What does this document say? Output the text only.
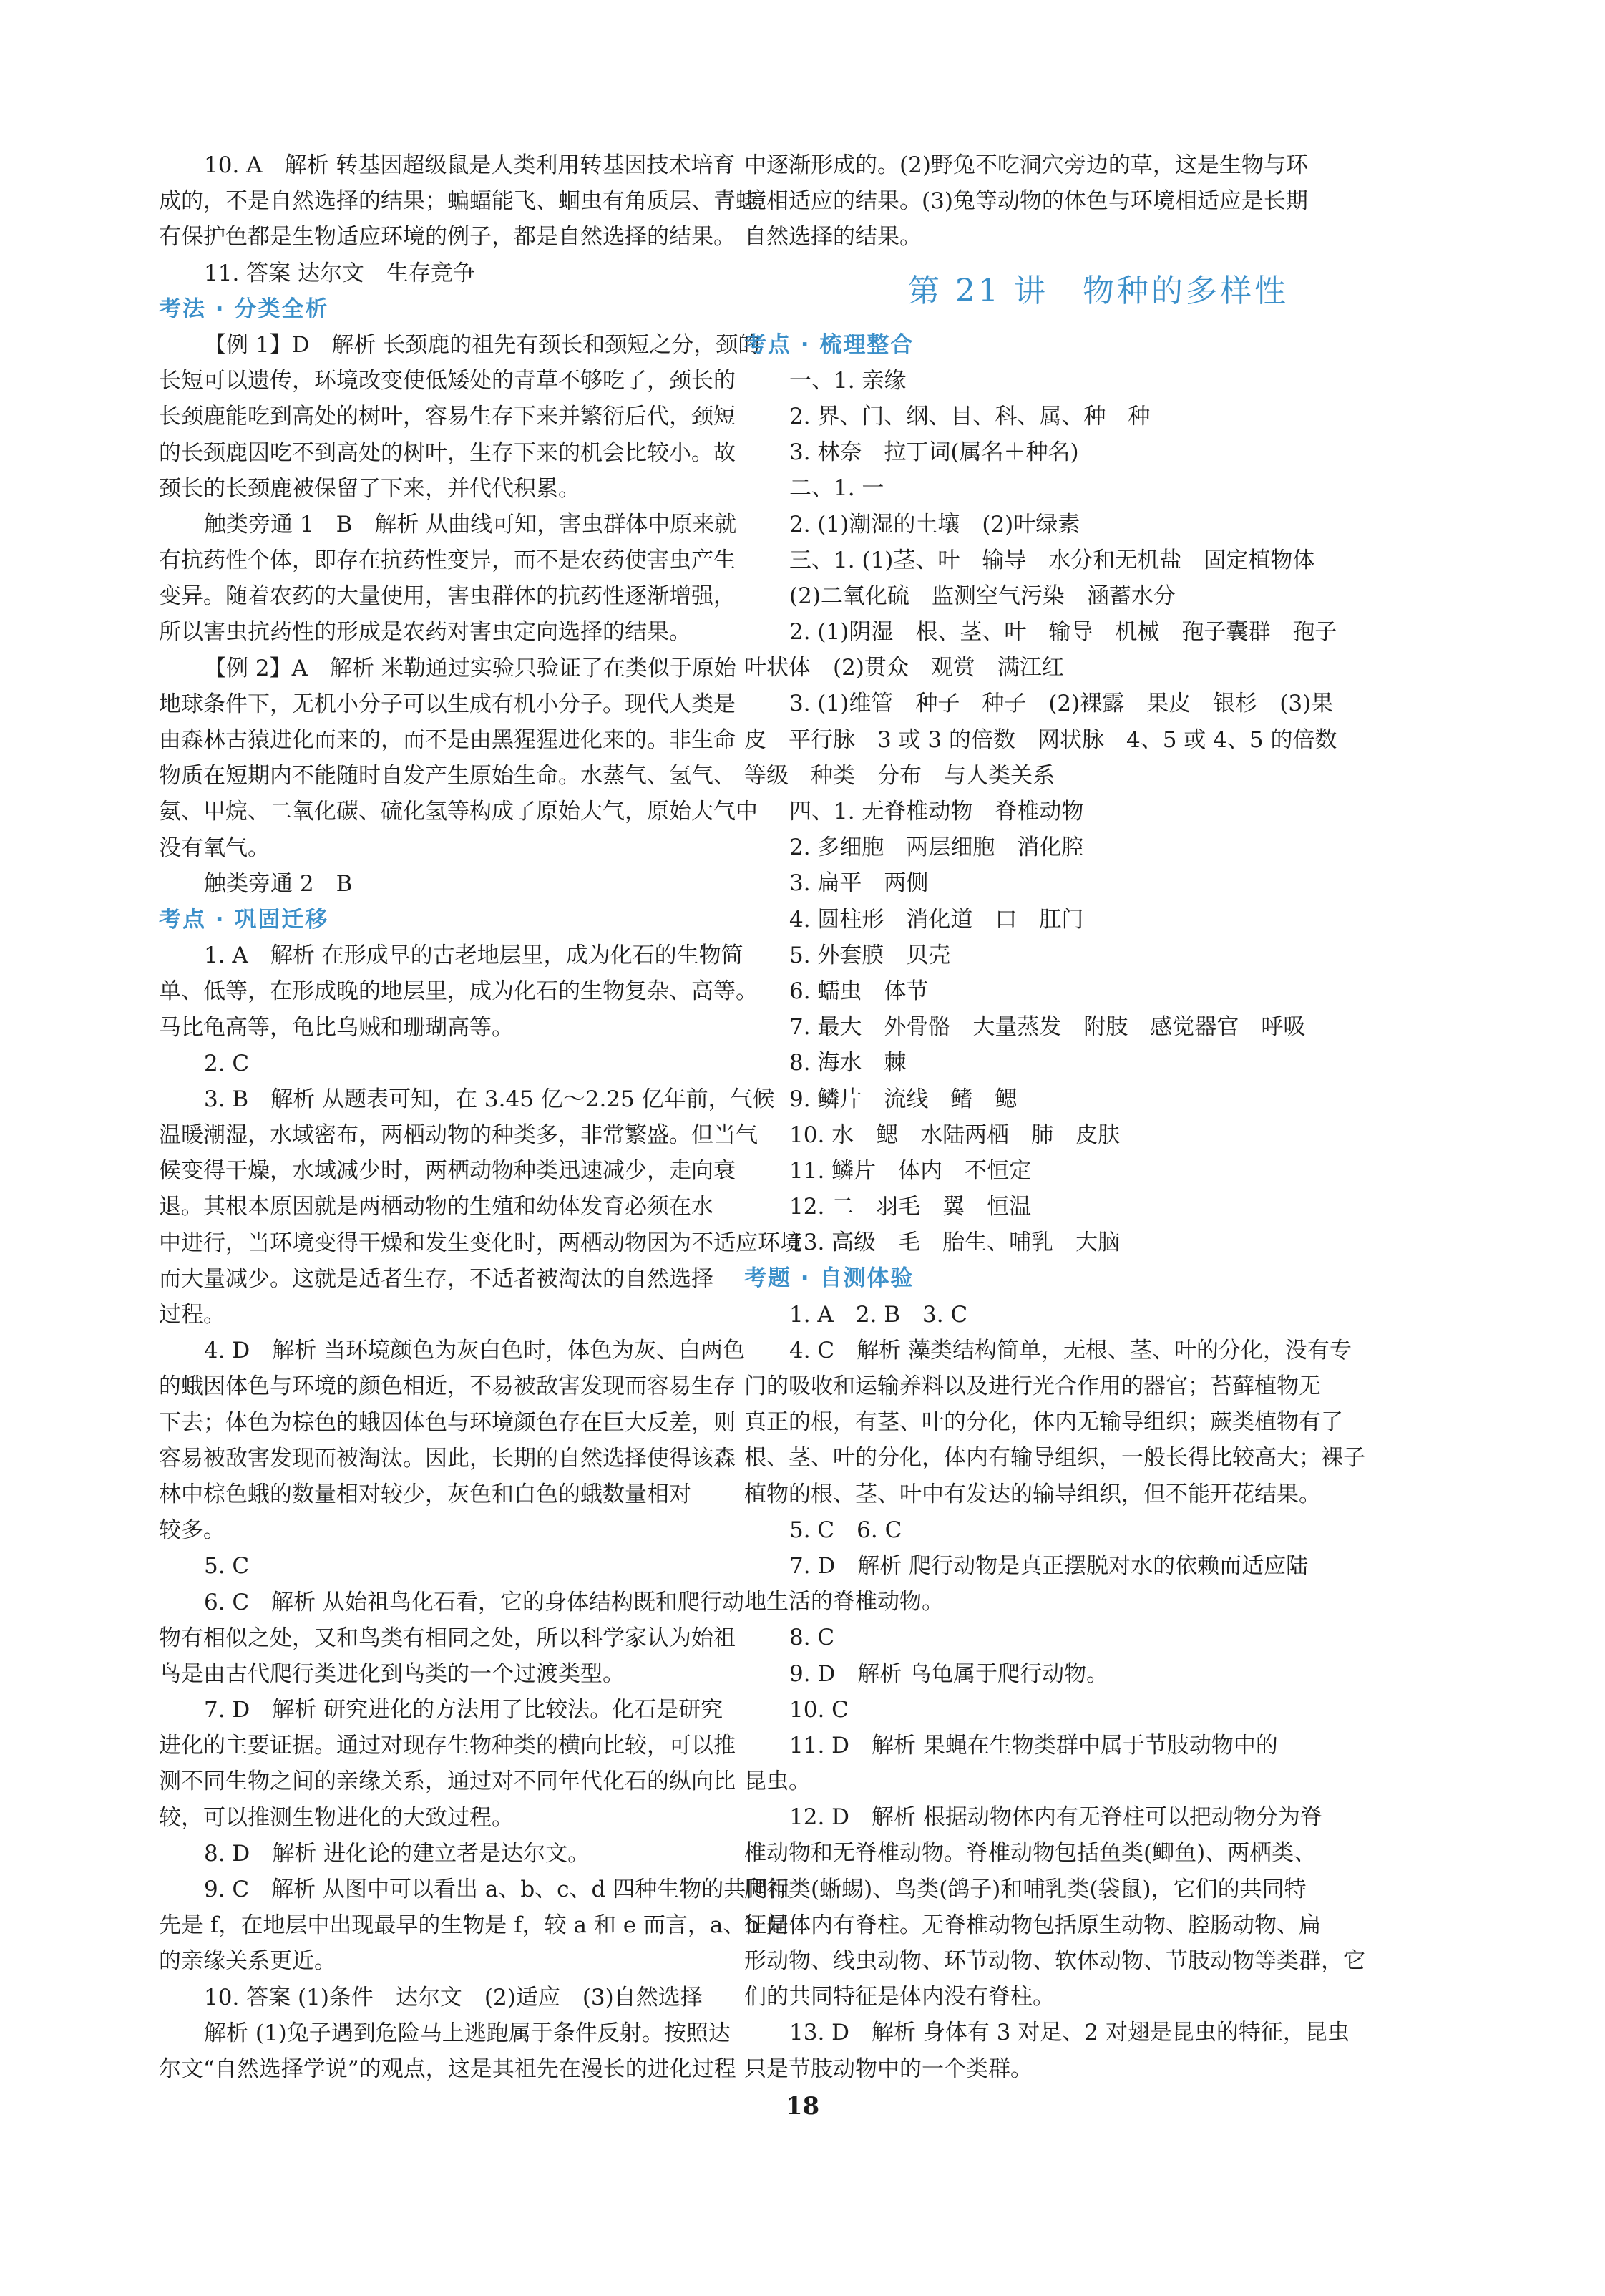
10. A　解析 转基因超级鼠是人类利用转基因技术培育
成的，不是自然选择的结果；蝙蝠能飞、蛔虫有角质层、青蛙
有保护色都是生物适应环境的例子，都是自然选择的结果。
11. 答案 达尔文　生存竞争
考法 · 分类全析
【例 1】D　解析 长颈鹿的祖先有颈长和颈短之分，颈的
长短可以遗传，环境改变使低矮处的青草不够吃了，颈长的
长颈鹿能吃到高处的树叶，容易生存下来并繁衍后代，颈短
的长颈鹿因吃不到高处的树叶，生存下来的机会比较小。故
颈长的长颈鹿被保留了下来，并代代积累。
触类旁通 1　B　解析 从曲线可知，害虫群体中原来就
有抗药性个体，即存在抗药性变异，而不是农药使害虫产生
变异。随着农药的大量使用，害虫群体的抗药性逐渐增强，
所以害虫抗药性的形成是农药对害虫定向选择的结果。
【例 2】A　解析 米勒通过实验只验证了在类似于原始
地球条件下，无机小分子可以生成有机小分子。现代人类是
由森林古猿进化而来的，而不是由黑猩猩进化来的。非生命
物质在短期内不能随时自发产生原始生命。水蒸气、氢气、
氨、甲烷、二氧化碳、硫化氢等构成了原始大气，原始大气中
没有氧气。
触类旁通 2　B
考点 · 巩固迁移
1. A　解析 在形成早的古老地层里，成为化石的生物简
单、低等，在形成晚的地层里，成为化石的生物复杂、高等。
马比龟高等，龟比乌贼和珊瑚高等。
2. C
3. B　解析 从题表可知，在 3.45 亿～2.25 亿年前，气候
温暖潮湿，水域密布，两栖动物的种类多，非常繁盛。但当气
候变得干燥，水域减少时，两栖动物种类迅速减少，走向衰
退。其根本原因就是两栖动物的生殖和幼体发育必须在水
中进行，当环境变得干燥和发生变化时，两栖动物因为不适应环境
而大量减少。这就是适者生存，不适者被淘汰的自然选择
过程。
4. D　解析 当环境颜色为灰白色时，体色为灰、白两色
的蛾因体色与环境的颜色相近，不易被敌害发现而容易生存
下去；体色为棕色的蛾因体色与环境颜色存在巨大反差，则
容易被敌害发现而被淘汰。因此，长期的自然选择使得该森
林中棕色蛾的数量相对较少，灰色和白色的蛾数量相对
较多。
5. C
6. C　解析 从始祖鸟化石看，它的身体结构既和爬行动
物有相似之处，又和鸟类有相同之处，所以科学家认为始祖
鸟是由古代爬行类进化到鸟类的一个过渡类型。
7. D　解析 研究进化的方法用了比较法。化石是研究
进化的主要证据。通过对现存生物种类的横向比较，可以推
测不同生物之间的亲缘关系，通过对不同年代化石的纵向比
较，可以推测生物进化的大致过程。
8. D　解析 进化论的建立者是达尔文。
9. C　解析 从图中可以看出 a、b、c、d 四种生物的共同祖
先是 f，在地层中出现最早的生物是 f，较 a 和 e 而言，a、b 间
的亲缘关系更近。
10. 答案 (1)条件　达尔文　(2)适应　(3)自然选择
解析 (1)兔子遇到危险马上逃跑属于条件反射。按照达
尔文“自然选择学说”的观点，这是其祖先在漫长的进化过程
中逐渐形成的。(2)野兔不吃洞穴旁边的草，这是生物与环
境相适应的结果。(3)兔等动物的体色与环境相适应是长期
自然选择的结果。
第 21 讲　物种的多样性
考点 · 梳理整合
一、1. 亲缘
2. 界、门、纲、目、科、属、种　种
3. 林奈　拉丁词(属名＋种名)
二、1. 一
2. (1)潮湿的土壤　(2)叶绿素
三、1. (1)茎、叶　输导　水分和无机盐　固定植物体
(2)二氧化硫　监测空气污染　涵蓄水分
2. (1)阴湿　根、茎、叶　输导　机械　孢子囊群　孢子
叶状体　(2)贯众　观赏　满江红
3. (1)维管　种子　种子　(2)裸露　果皮　银杉　(3)果
皮　平行脉　3 或 3 的倍数　网状脉　4、5 或 4、5 的倍数
等级　种类　分布　与人类关系
四、1. 无脊椎动物　脊椎动物
2. 多细胞　两层细胞　消化腔
3. 扁平　两侧
4. 圆柱形　消化道　口　肛门
5. 外套膜　贝壳
6. 蠕虫　体节
7. 最大　外骨骼　大量蒸发　附肢　感觉器官　呼吸
8. 海水　棘
9. 鳞片　流线　鳍　鳃
10. 水　鳃　水陆两栖　肺　皮肤
11. 鳞片　体内　不恒定
12. 二　羽毛　翼　恒温
13. 高级　毛　胎生、哺乳　大脑
考题 · 自测体验
1. A　2. B　3. C
4. C　解析 藻类结构简单，无根、茎、叶的分化，没有专
门的吸收和运输养料以及进行光合作用的器官；苔藓植物无
真正的根，有茎、叶的分化，体内无输导组织；蕨类植物有了
根、茎、叶的分化，体内有输导组织，一般长得比较高大；裸子
植物的根、茎、叶中有发达的输导组织，但不能开花结果。
5. C　6. C
7. D　解析 爬行动物是真正摆脱对水的依赖而适应陆
地生活的脊椎动物。
8. C
9. D　解析 乌龟属于爬行动物。
10. C
11. D　解析 果蝇在生物类群中属于节肢动物中的
昆虫。
12. D　解析 根据动物体内有无脊柱可以把动物分为脊
椎动物和无脊椎动物。脊椎动物包括鱼类(鲫鱼)、两栖类、
爬行类(蜥蜴)、鸟类(鸽子)和哺乳类(袋鼠)，它们的共同特
征是体内有脊柱。无脊椎动物包括原生动物、腔肠动物、扁
形动物、线虫动物、环节动物、软体动物、节肢动物等类群，它
们的共同特征是体内没有脊柱。
13. D　解析 身体有 3 对足、2 对翅是昆虫的特征，昆虫
只是节肢动物中的一个类群。
18
